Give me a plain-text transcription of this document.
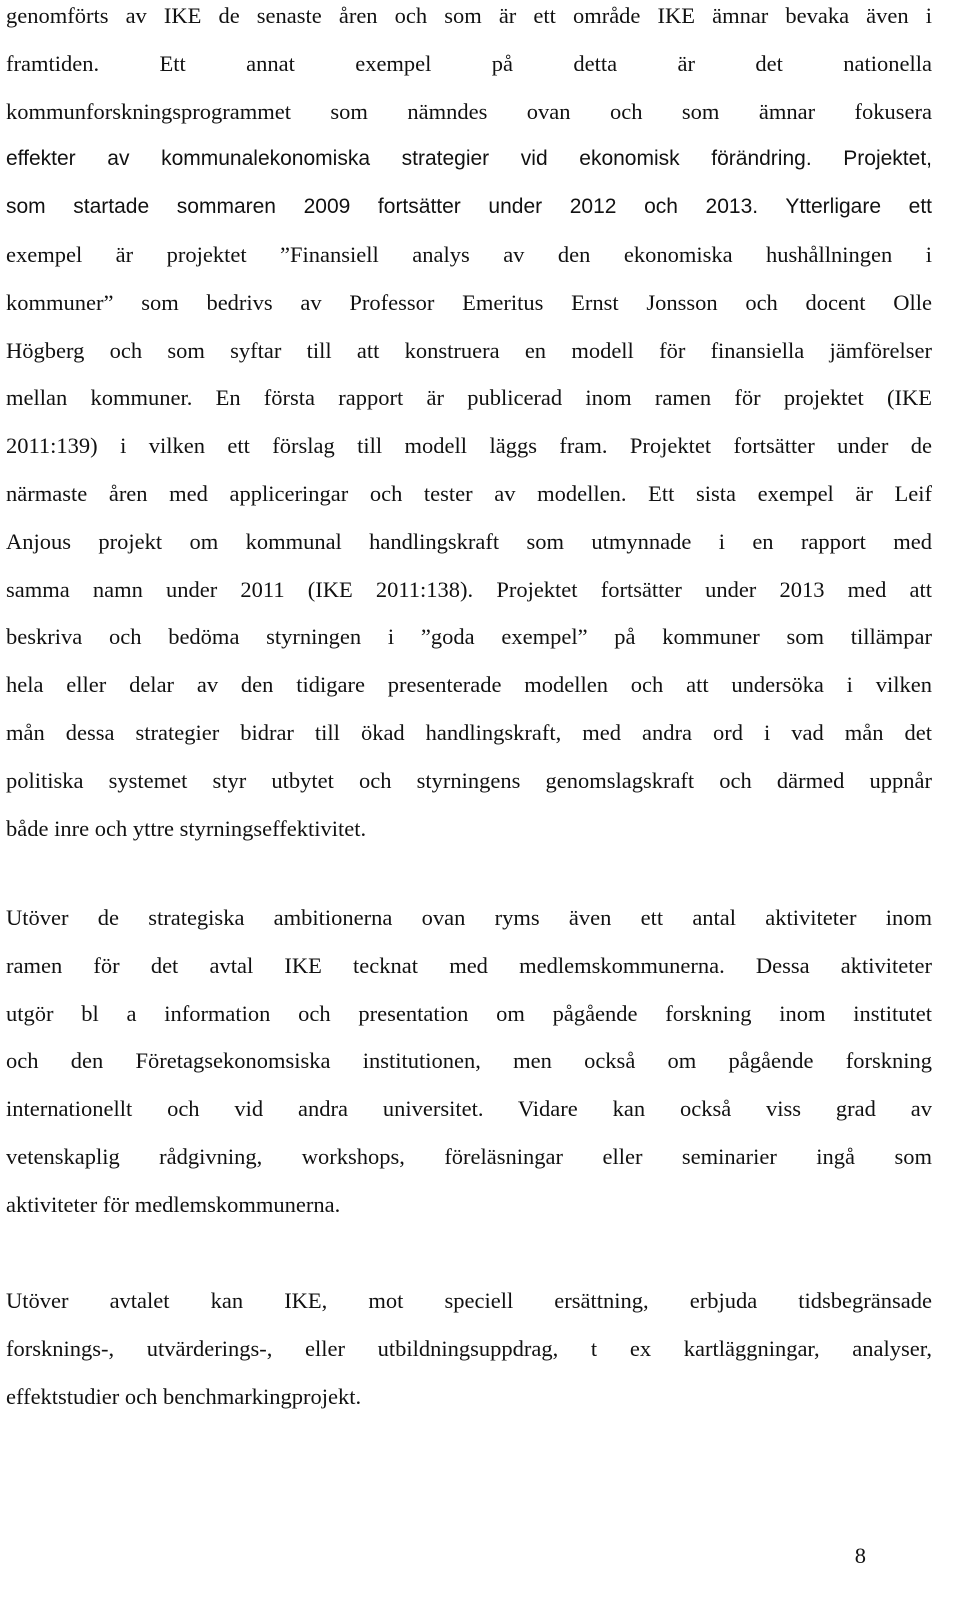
genomförts av IKE de senaste åren och som är ett område IKE ämnar bevaka även i
framtiden. Ett annat exempel på detta är det nationella
kommunforskningsprogrammet som nämndes ovan och som ämnar fokusera
effekter av kommunalekonomiska strategier vid ekonomisk förändring. Projektet,
som startade sommaren 2009 fortsätter under 2012 och 2013. Ytterligare ett
exempel är projektet ”Finansiell analys av den ekonomiska hushållningen i
kommuner” som bedrivs av Professor Emeritus Ernst Jonsson och docent Olle
Högberg och som syftar till att konstruera en modell för finansiella jämförelser
mellan kommuner. En första rapport är publicerad inom ramen för projektet (IKE
2011:139) i vilken ett förslag till modell läggs fram. Projektet fortsätter under de
närmaste åren med appliceringar och tester av modellen. Ett sista exempel är Leif
Anjous projekt om kommunal handlingskraft som utmynnade i en rapport med
samma namn under 2011 (IKE 2011:138). Projektet fortsätter under 2013 med att
beskriva och bedöma styrningen i ”goda exempel” på kommuner som tillämpar
hela eller delar av den tidigare presenterade modellen och att undersöka i vilken
mån dessa strategier bidrar till ökad handlingskraft, med andra ord i vad mån det
politiska systemet styr utbytet och styrningens genomslagskraft och därmed uppnår
både inre och yttre styrningseffektivitet.

Utöver de strategiska ambitionerna ovan ryms även ett antal aktiviteter inom
ramen för det avtal IKE tecknat med medlemskommunerna. Dessa aktiviteter
utgör bl a information och presentation om pågående forskning inom institutet
och den Företagsekonomsiska institutionen, men också om pågående forskning
internationellt och vid andra universitet. Vidare kan också viss grad av
vetenskaplig rådgivning, workshops, föreläsningar eller seminarier ingå som
aktiviteter för medlemskommunerna.

Utöver avtalet kan IKE, mot speciell ersättning, erbjuda tidsbegränsade
forsknings-, utvärderings-, eller utbildningsuppdrag, t ex kartläggningar, analyser,
effektstudier och benchmarkingprojekt.

8
